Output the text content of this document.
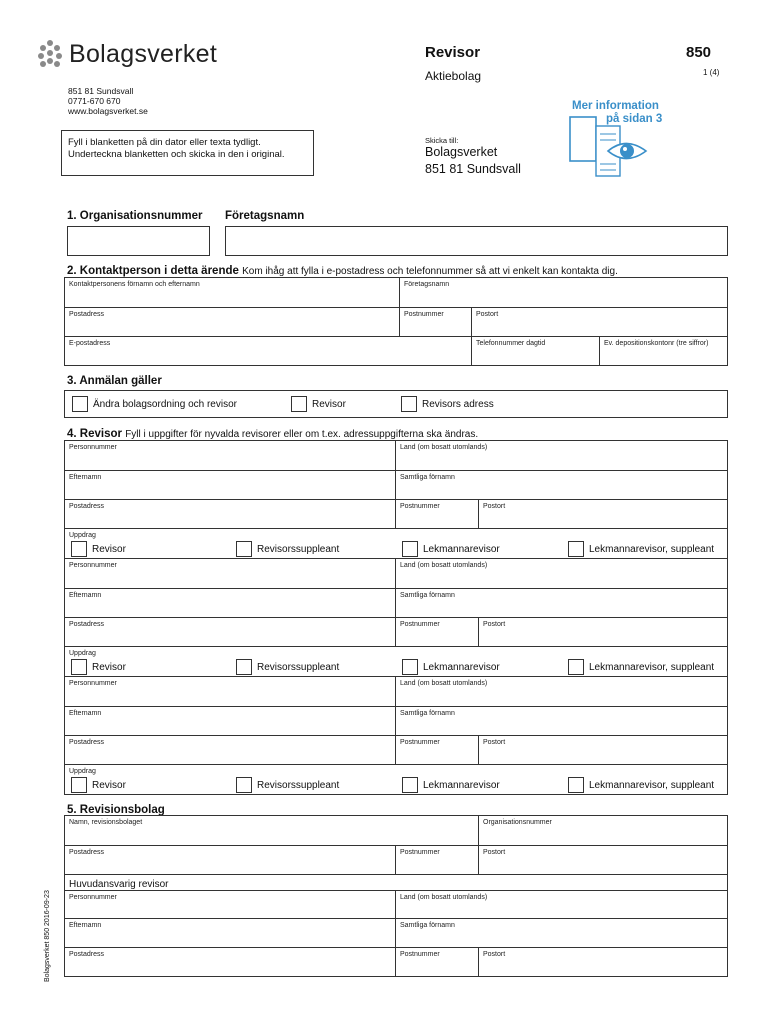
Bolagsverket
851 81 Sundsvall
0771-670 670
www.bolagsverket.se
Fyll i blanketten på din dator eller texta tydligt.
Underteckna blanketten och skicka in den i original.
Revisor
Aktiebolag
850
1 (4)
Skicka till:
Bolagsverket
851 81 Sundsvall
Mer information
på sidan 3
1. Organisationsnummer Företagsnamn
2. Kontaktperson i detta ärende Kom ihåg att fylla i e-postadress och telefonnummer så att vi enkelt kan kontakta dig.
Kontaktpersonens förnamn och efternamn	Företagsnamn
Postadress	Postnummer	Postort
E-postadress	Telefonnummer dagtid	Ev. depositionskontonr (tre siffror)
3. Anmälan gäller
Ändra bolagsordning och revisor	Revisor	Revisors adress
4. Revisor Fyll i uppgifter för nyvalda revisorer eller om t.ex. adressuppgifterna ska ändras.
Personnummer	Land (om bosatt utomlands)
Efternamn	Samtliga förnamn
Postadress	Postnummer	Postort
Uppdrag
Revisor	Revisorssuppleant	Lekmannarevisor	Lekmannarevisor, suppleant
Personnummer	Land (om bosatt utomlands)
Efternamn	Samtliga förnamn
Postadress	Postnummer	Postort
Uppdrag
Revisor	Revisorssuppleant	Lekmannarevisor	Lekmannarevisor, suppleant
Personnummer	Land (om bosatt utomlands)
Efternamn	Samtliga förnamn
Postadress	Postnummer	Postort
Uppdrag
Revisor	Revisorssuppleant	Lekmannarevisor	Lekmannarevisor, suppleant
5. Revisionsbolag
Namn, revisionsbolaget	Organisationsnummer
Postadress	Postnummer	Postort
Huvudansvarig revisor
Personnummer	Land (om bosatt utomlands)
Efternamn	Samtliga förnamn
Postadress	Postnummer	Postort
Bolagsverket 850 2016-09-23
